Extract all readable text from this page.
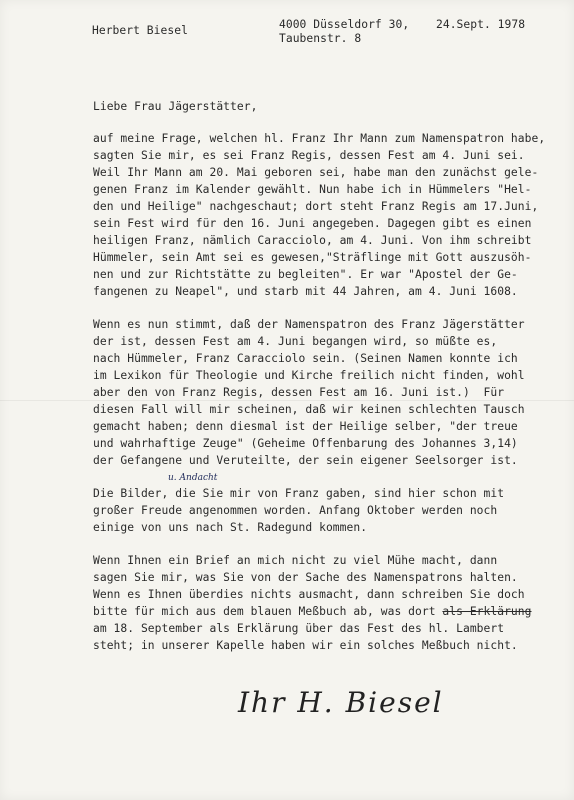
Herbert Biesel	4000 Düsseldorf 30,
Taubenstr. 8
24.Sept. 1978
Liebe Frau Jägerstätter,
auf meine Frage, welchen hl. Franz Ihr Mann zum Namenspatron habe,
sagten Sie mir, es sei Franz Regis, dessen Fest am 4. Juni sei.
Weil Ihr Mann am 20. Mai geboren sei, habe man den zunächst gele-
genen Franz im Kalender gewählt. Nun habe ich in Hümmelers "Hel-
den und Heilige" nachgeschaut; dort steht Franz Regis am 17.Juni,
sein Fest wird für den 16. Juni angegeben. Dagegen gibt es einen
heiligen Franz, nämlich Caracciolo, am 4. Juni. Von ihm schreibt
Hümmeler, sein Amt sei es gewesen,"Sträflinge mit Gott auszusöh-
nen und zur Richtstätte zu begleiten". Er war "Apostel der Ge-
fangenen zu Neapel", und starb mit 44 Jahren, am 4. Juni 1608.
Wenn es nun stimmt, daß der Namenspatron des Franz Jägerstätter
der ist, dessen Fest am 4. Juni begangen wird, so müßte es,
nach Hümmeler, Franz Caracciolo sein. (Seinen Namen konnte ich
im Lexikon für Theologie und Kirche freilich nicht finden, wohl
aber den von Franz Regis, dessen Fest am 16. Juni ist.)  Für
diesen Fall will mir scheinen, daß wir keinen schlechten Tausch
gemacht haben; denn diesmal ist der Heilige selber, "der treue
und wahrhaftige Zeuge" (Geheime Offenbarung des Johannes 3,14)
der Gefangene und Veruteilte, der sein eigener Seelsorger ist.
u. Andacht
Die Bilder, die Sie mir von Franz gaben, sind hier schon mit
großer Freude angenommen worden. Anfang Oktober werden noch
einige von uns nach St. Radegund kommen.
Wenn Ihnen ein Brief an mich nicht zu viel Mühe macht, dann
sagen Sie mir, was Sie von der Sache des Namenspatrons halten.
Wenn es Ihnen überdies nichts ausmacht, dann schreiben Sie doch
bitte für mich aus dem blauen Meßbuch ab, was dort als Erklärung
am 18. September als Erklärung über das Fest des hl. Lambert
steht; in unserer Kapelle haben wir ein solches Meßbuch nicht.
Ihr H. Biesel
